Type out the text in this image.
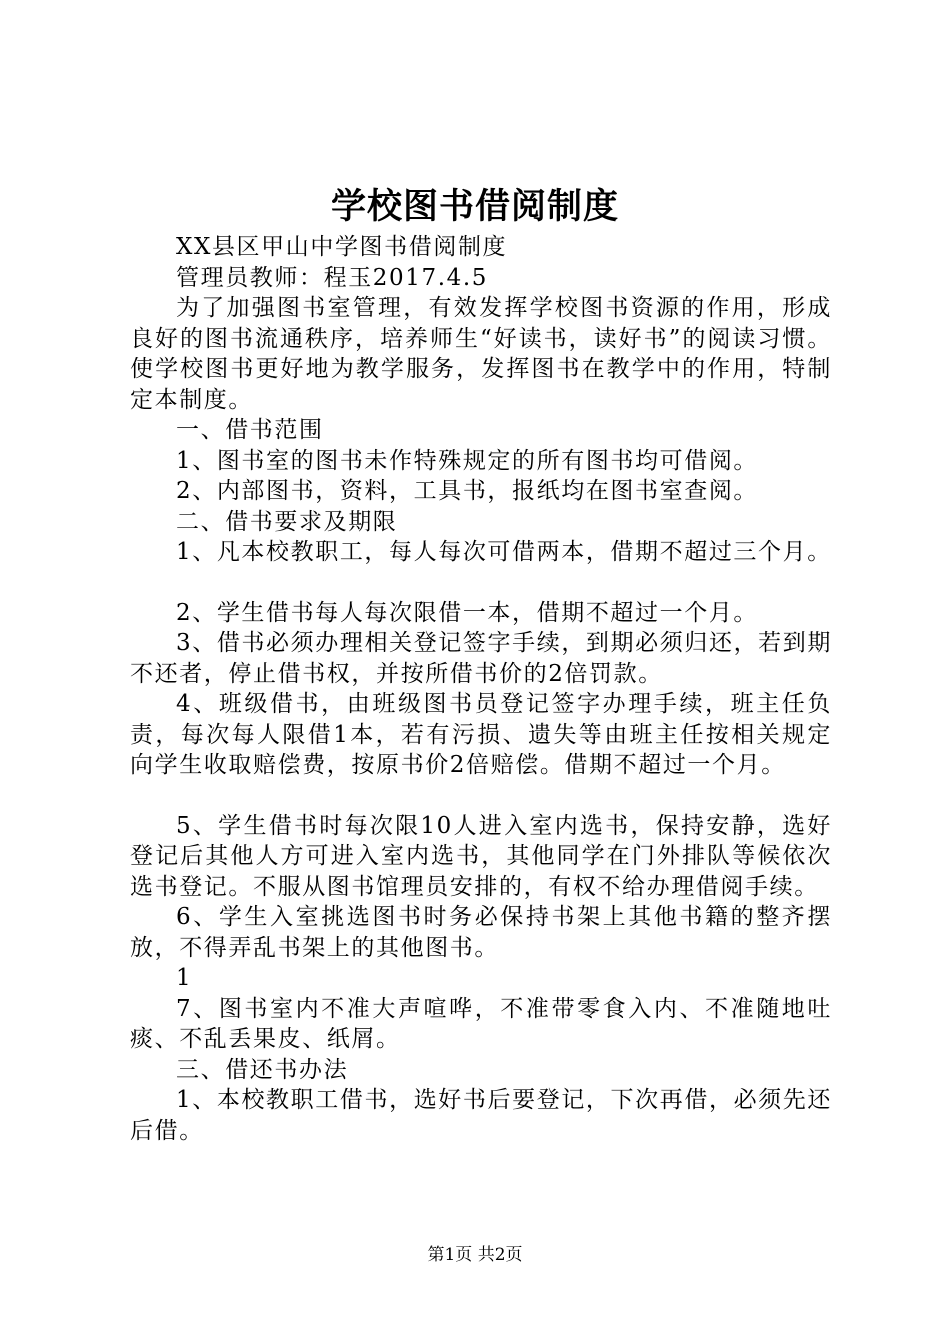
学校图书借阅制度

XX县区甲山中学图书借阅制度

管理员教师：程玉2017.4.5

为了加强图书室管理，有效发挥学校图书资源的作用，形成良好的图书流通秩序，培养师生“好读书，读好书”的阅读习惯。使学校图书更好地为教学服务，发挥图书在教学中的作用，特制定本制度。

一、借书范围

1、图书室的图书未作特殊规定的所有图书均可借阅。

2、内部图书，资料，工具书，报纸均在图书室查阅。

二、借书要求及期限

1、凡本校教职工，每人每次可借两本，借期不超过三个月。

2、学生借书每人每次限借一本，借期不超过一个月。

3、借书必须办理相关登记签字手续，到期必须归还，若到期不还者，停止借书权，并按所借书价的2倍罚款。

4、班级借书，由班级图书员登记签字办理手续，班主任负责，每次每人限借1本，若有污损、遗失等由班主任按相关规定向学生收取赔偿费，按原书价2倍赔偿。借期不超过一个月。

5、学生借书时每次限10人进入室内选书，保持安静，选好登记后其他人方可进入室内选书，其他同学在门外排队等候依次选书登记。不服从图书馆理员安排的，有权不给办理借阅手续。

6、学生入室挑选图书时务必保持书架上其他书籍的整齐摆放，不得弄乱书架上的其他图书。

1

7、图书室内不准大声喧哗，不准带零食入内、不准随地吐痰、不乱丢果皮、纸屑。

三、借还书办法

1、本校教职工借书，选好书后要登记，下次再借，必须先还后借。

第1页 共2页
